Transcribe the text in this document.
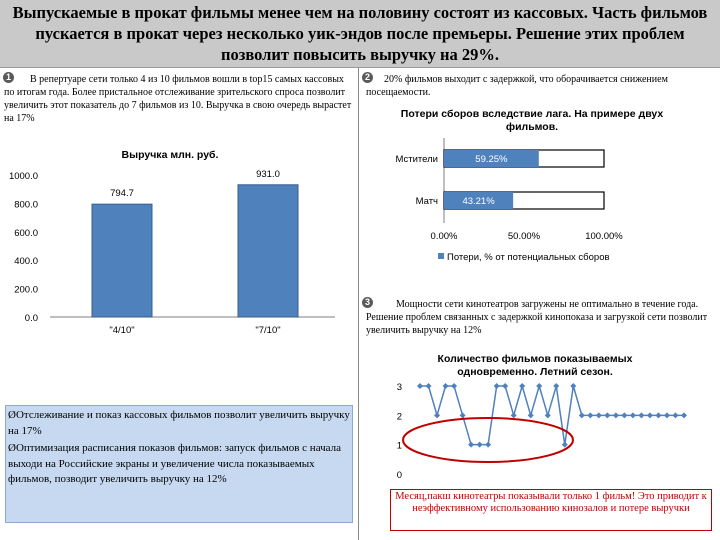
Выпускаемые в прокат фильмы менее чем на половину состоят из кассовых. Часть фильмов пускается в прокат через несколько уик-эндов после премьеры. Решение этих проблем позволит повысить выручку на 29%.
1	В репертуаре сети только 4 из 10 фильмов вошли в top15 самых кассовых по итогам года. Более пристальное отслеживание зрительского спроса позволит увеличить этот показатель до 7 фильмов из 10. Выручка в свою очередь вырастет на 17%
Выручка млн. руб.
1000.0
800.0
600.0
400.0
200.0
0.0
794.7
"4/10"
931.0
"7/10"
ØОтслеживание и показ кассовых фильмов позволит увеличить выручку на 17%
ØОптимизация расписания показов фильмов: запуск фильмов с начала выходи на Российские экраны и увеличение числа показываемых фильмов, позводит увеличить выручку на 12%
2	20% фильмов выходит с задержкой, что оборачивается снижением посещаемости.
Потери сборов вследствие лага. На примере двух
фильмов.
59.25%
Мстители
43.21%
Матч
0.00%	50.00%	100.00%
Потери, % от потенциальных сборов
3	Мощности сети кинотеатров загружены не оптимально в течение года. Решение проблем связанных с задержкой кинопоказа и загрузкой сети позволит увеличить выручку на 12%
Количество фильмов показываемых
одновременно. Летний сезон.
3
2
1
0
Месяц,пакш кинотеатры показывали только 1 фильм! Это приводит к неэффективному использованию кинозалов и потере выручки
